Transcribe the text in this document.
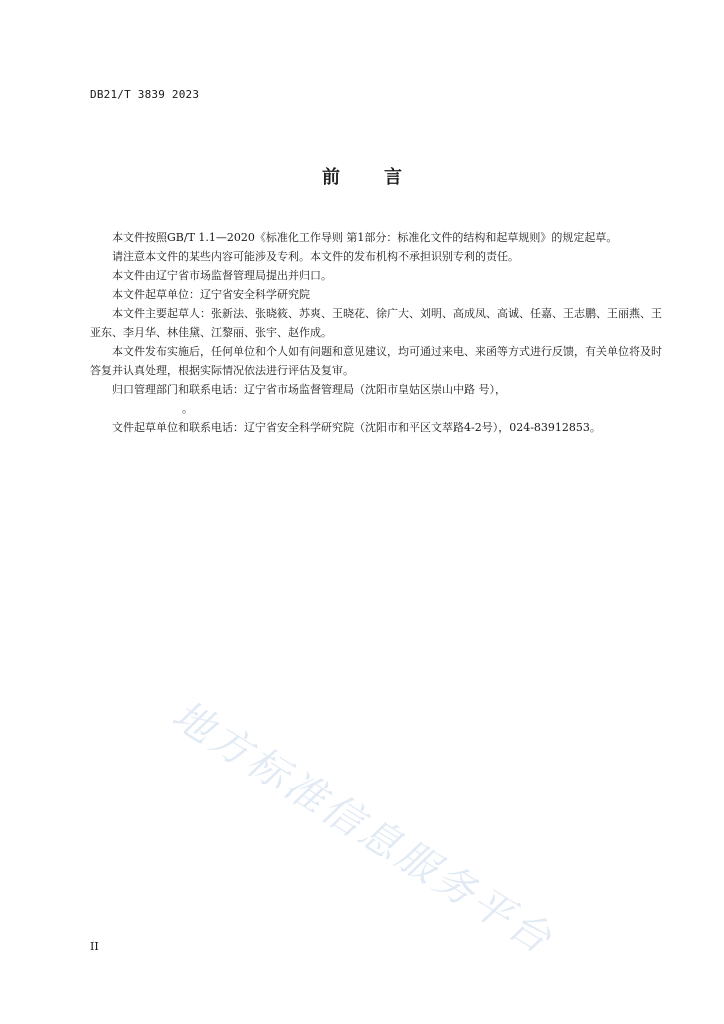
DB21/T 3839 2023
前 言

本文件按照GB/T 1.1—2020《标准化工作导则 第1部分：标准化文件的结构和起草规则》的规定起草。

请注意本文件的某些内容可能涉及专利。本文件的发布机构不承担识别专利的责任。

本文件由辽宁省市场监督管理局提出并归口。

本文件起草单位：辽宁省安全科学研究院

本文件主要起草人：张新法、张晓筱、苏爽、王晓花、徐广大、刘明、高成凤、高诚、任嘉、王志鹏、王丽燕、王亚东、李月华、林佳黛、江黎丽、张宇、赵作成。

本文件发布实施后，任何单位和个人如有问题和意见建议，均可通过来电、来函等方式进行反馈，有关单位将及时答复并认真处理，根据实际情况依法进行评估及复审。

归口管理部门和联系电话：辽宁省市场监督管理局（沈阳市皇姑区崇山中路 号），

。

文件起草单位和联系电话：辽宁省安全科学研究院（沈阳市和平区文萃路4-2号），024-83912853。

地方标准信息服务平台
II
